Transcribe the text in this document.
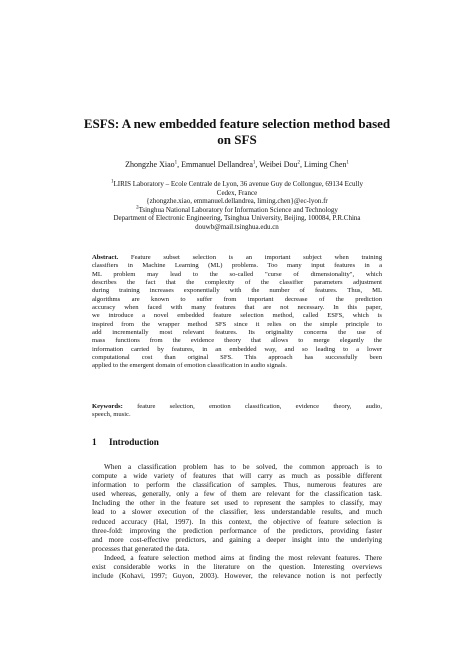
ESFS: A new embedded feature selection method based
on SFS
Zhongzhe Xiao$^1$, Emmanuel Dellandrea$^1$, Weibei Dou$^2$, Liming Chen$^1$
$^1$LIRIS Laboratory – Ecole Centrale de Lyon, 36 avenue Guy de Collongue, 69134 Ecully
Cedex, France
{zhongzhe.xiao, emmanuel.dellandrea, liming.chen}@ec-lyon.fr
$^2$Tsinghua National Laboratory for Information Science and Technology
Department of Electronic Engineering, Tsinghua University, Beijing, 100084, P.R.China
douwb@mail.tsinghua.edu.cn
Abstract. Feature subset selection is an important subject when training
classifiers in Machine Learning (ML) problems. Too many input features in a
ML problem may lead to the so-called "curse of dimensionality", which
describes the fact that the complexity of the classifier parameters adjustment
during training increases exponentially with the number of features. Thus, ML
algorithms are known to suffer from important decrease of the prediction
accuracy when faced with many features that are not necessary. In this paper,
we introduce a novel embedded feature selection method, called ESFS, which is
inspired from the wrapper method SFS since it relies on the simple principle to
add incrementally most relevant features. Its originality concerns the use of
mass functions from the evidence theory that allows to merge elegantly the
information carried by features, in an embedded way, and so leading to a lower
computational cost than original SFS. This approach has successfully been
applied to the emergent domain of emotion classification in audio signals.
Keywords: feature selection, emotion classification, evidence theory, audio,
speech, music.
1 Introduction
When a classification problem has to be solved, the common approach is to
compute a wide variety of features that will carry as much as possible different
information to perform the classification of samples. Thus, numerous features are
used whereas, generally, only a few of them are relevant for the classification task.
Including the other in the feature set used to represent the samples to classify, may
lead to a slower execution of the classifier, less understandable results, and much
reduced accuracy (Hal, 1997). In this context, the objective of feature selection is
three-fold: improving the prediction performance of the predictors, providing faster
and more cost-effective predictors, and gaining a deeper insight into the underlying
processes that generated the data.
Indeed, a feature selection method aims at finding the most relevant features. There
exist considerable works in the literature on the question. Interesting overviews
include (Kohavi, 1997; Guyon, 2003). However, the relevance notion is not perfectly
